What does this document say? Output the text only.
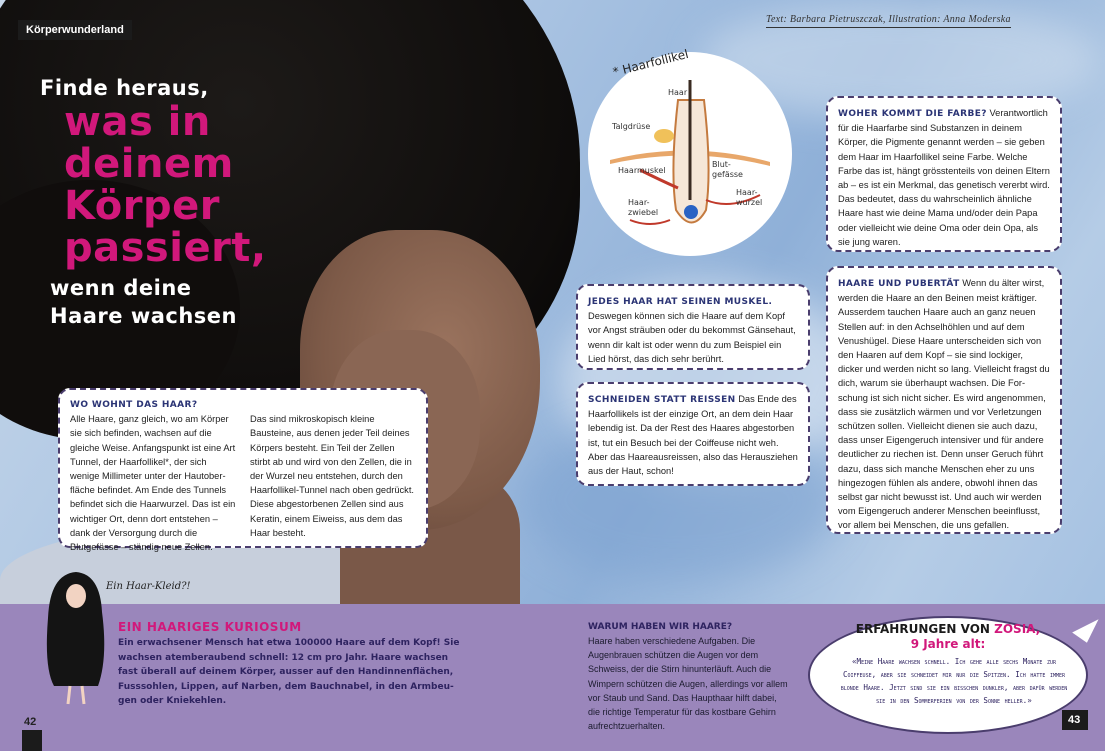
Körperwunderland
Text: Barbara Pietruszczak, Illustration: Anna Moderska
Finde heraus,
was in
deinem
Körper
passiert,
wenn deine
Haare wachsen
* Haarfollikel
Haar
Talgdrüse
Haarmuskel
Blut-
gefässe
Haar-
zwiebel
Haar-
wurzel
WO WOHNT DAS HAAR?
Alle Haare, ganz gleich, wo am Körper sie sich befinden, wachsen auf die gleiche Weise. Anfangspunkt ist eine Art Tunnel, der Haarfollikel*, der sich wenige Millimeter unter der Hautoberfläche befindet. Am Ende des Tunnels befindet sich die Haarwurzel. Das ist ein wichtiger Ort, denn dort entstehen – dank der Versorgung durch die Blutgefässe – ständig neue Zellen.
Das sind mikroskopisch kleine Bausteine, aus denen jeder Teil deines Körpers besteht. Ein Teil der Zellen stirbt ab und wird von den Zellen, die in der Wurzel neu entstehen, durch den Haarfollikel-Tunnel nach oben gedrückt. Diese abgestorbenen Zellen sind aus Keratin, einem Eiweiss, aus dem das Haar besteht.
JEDES HAAR HAT SEINEN MUSKEL. Deswegen können sich die Haare auf dem Kopf vor Angst sträuben oder du bekommst Gänsehaut, wenn dir kalt ist oder wenn du zum Beispiel ein Lied hörst, das dich sehr berührt.
SCHNEIDEN STATT REISSEN Das Ende des Haarfollikels ist der einzige Ort, an dem dein Haar lebendig ist. Da der Rest des Haares abgestorben ist, tut ein Besuch bei der Coiffeuse nicht weh. Aber das Haareausreissen, also das Herausziehen aus der Haut, schon!
WOHER KOMMT DIE FARBE? Verantwortlich für die Haarfarbe sind Substanzen in deinem Körper, die Pigmente genannt werden – sie geben dem Haar im Haarfollikel seine Farbe. Welche Farbe das ist, hängt grösstenteils von deinen Eltern ab – es ist ein Merkmal, das genetisch vererbt wird. Das bedeutet, dass du wahrscheinlich ähnliche Haare hast wie deine Mama und/oder dein Papa oder vielleicht wie deine Oma oder dein Opa, als sie jung waren.
HAARE UND PUBERTÄT Wenn du älter wirst, werden die Haare an den Beinen meist kräftiger. Ausserdem tauchen Haare auch an ganz neuen Stellen auf: in den Achselhöhlen und auf dem Venushügel. Diese Haare unterscheiden sich von den Haaren auf dem Kopf – sie sind lockiger, dicker und werden nicht so lang. Vielleicht fragst du dich, warum sie überhaupt wachsen. Die Forschung ist sich nicht sicher. Es wird angenommen, dass sie zusätzlich wärmen und vor Verletzungen schützen sollen. Vielleicht dienen sie auch dazu, dass unser Eigengeruch intensiver und für andere deutlicher zu riechen ist. Denn unser Geruch führt dazu, dass sich manche Menschen eher zu uns hingezogen fühlen als andere, obwohl ihnen das selbst gar nicht bewusst ist. Und auch wir werden vom Eigengeruch anderer Menschen beeinflusst, vor allem bei Menschen, die uns gefallen.
Ein Haar-Kleid?!
EIN HAARIGES KURIOSUM
Ein erwachsener Mensch hat etwa 100000 Haare auf dem Kopf! Sie wachsen atemberaubend schnell: 12 cm pro Jahr. Haare wachsen fast überall auf deinem Körper, ausser auf den Handinnenflächen, Fusssohlen, Lippen, auf Narben, dem Bauchnabel, in den Armbeugen oder Kniekehlen.
WARUM HABEN WIR HAARE?
Haare haben verschiedene Aufgaben. Die Augenbrauen schützen die Augen vor dem Schweiss, der die Stirn hinunterläuft. Auch die Wimpern schützen die Augen, allerdings vor allem vor Staub und Sand. Das Haupthaar hilft dabei, die richtige Temperatur für das kostbare Gehirn aufrechtzuerhalten.
ERFAHRUNGEN VON ZOSIA,
9 Jahre alt:
«Meine Haare wachsen schnell. Ich gehe alle sechs Monate zur Coiffeuse, aber sie schneidet mir nur die Spitzen. Ich hatte immer blonde Haare. Jetzt sind sie ein bisschen dunkler, aber dafür werden sie in den Sommerferien von der Sonne heller.»
42	43
